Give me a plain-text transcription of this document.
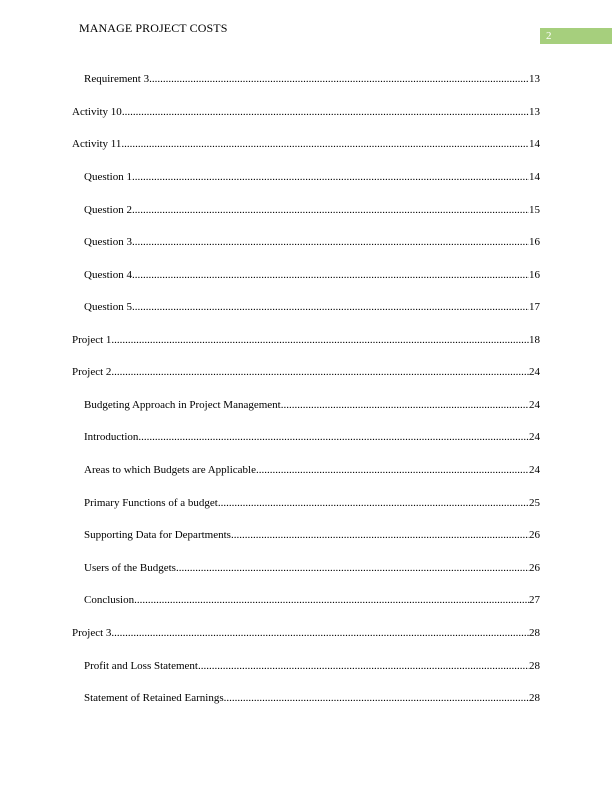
MANAGE PROJECT COSTS
2
Requirement 3 .....	13
Activity 10 .....	13
Activity 11 .....	14
Question 1 .....	14
Question 2 .....	15
Question 3 .....	16
Question 4 .....	16
Question 5 .....	17
Project 1 .....	18
Project 2 .....	24
Budgeting Approach in Project Management .....	24
Introduction .....	24
Areas to which Budgets are Applicable .....	24
Primary Functions of a budget .....	25
Supporting Data for Departments .....	26
Users of the Budgets .....	26
Conclusion .....	27
Project 3 .....	28
Profit and Loss Statement .....	28
Statement of Retained Earnings .....	28
